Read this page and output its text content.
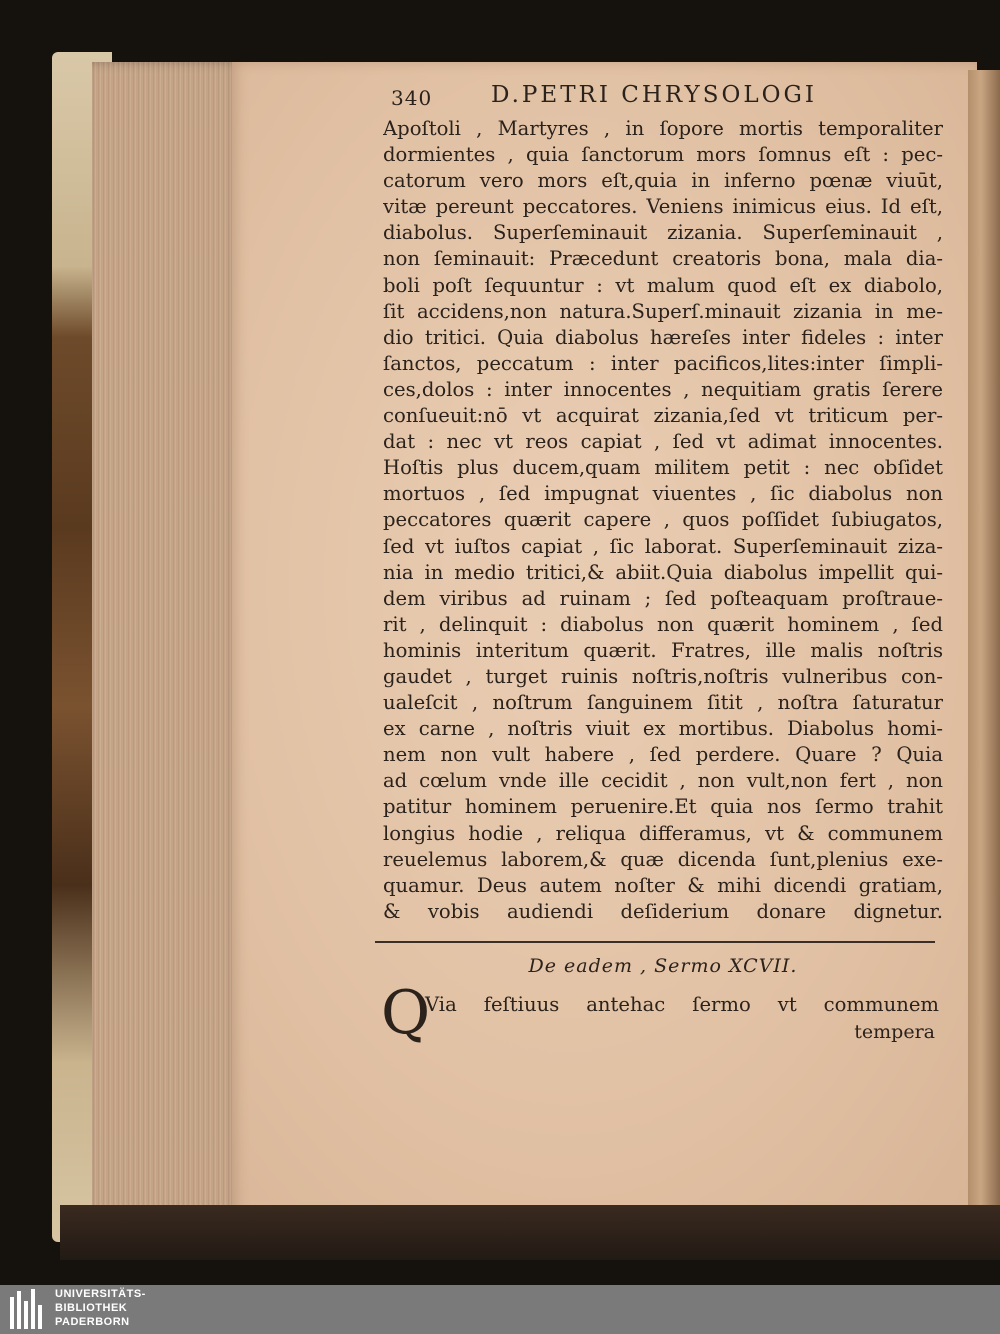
340	D.PETRI CHRYSOLOGI
Apoſtoli , Martyres , in ſopore mortis temporaliter
dormientes , quia ſanctorum mors ſomnus eſt : pec-
catorum vero mors eſt,quia in inferno pœnæ viuūt,
vitæ pereunt peccatores. Veniens inimicus eius. Id eſt,
diabolus. Superſeminauit zizania. Superſeminauit ,
non ſeminauit: Præcedunt creatoris bona, mala dia-
boli poſt ſequuntur : vt malum quod eſt ex diabolo,
ſit accidens,non natura.Superſ.minauit zizania in me-
dio tritici. Quia diabolus hæreſes inter fideles : inter
ſanctos, peccatum : inter pacificos,lites:inter ſimpli-
ces,dolos : inter innocentes , nequitiam gratis ſerere
conſueuit:nō vt acquirat zizania,ſed vt triticum per-
dat : nec vt reos capiat , ſed vt adimat innocentes.
Hoſtis plus ducem,quam militem petit : nec obſidet
mortuos , ſed impugnat viuentes , ſic diabolus non
peccatores quærit capere , quos poſſidet ſubiugatos,
ſed vt iuſtos capiat , ſic laborat. Superſeminauit ziza-
nia in medio tritici,& abiit.Quia diabolus impellit qui-
dem viribus ad ruinam ; ſed poſteaquam proſtraue-
rit , delinquit : diabolus non quærit hominem , ſed
hominis interitum quærit. Fratres, ille malis noſtris
gaudet , turget ruinis noſtris,noſtris vulneribus con-
ualeſcit , noſtrum ſanguinem ſitit , noſtra ſaturatur
ex carne , noſtris viuit ex mortibus. Diabolus homi-
nem non vult habere , ſed perdere. Quare ? Quia
ad cœlum vnde ille cecidit , non vult,non fert , non
patitur hominem peruenire.Et quia nos ſermo trahit
longius hodie , reliqua differamus, vt & communem
reuelemus laborem,& quæ dicenda ſunt,plenius exe-
quamur. Deus autem noſter & mihi dicendi gratiam,
& vobis audiendi deſiderium donare dignetur.
De eadem , Sermo XCVII.
Q
Via feſtiuus antehac ſermo vt communem
tempera
UNIVERSITÄTS-
BIBLIOTHEK
PADERBORN
